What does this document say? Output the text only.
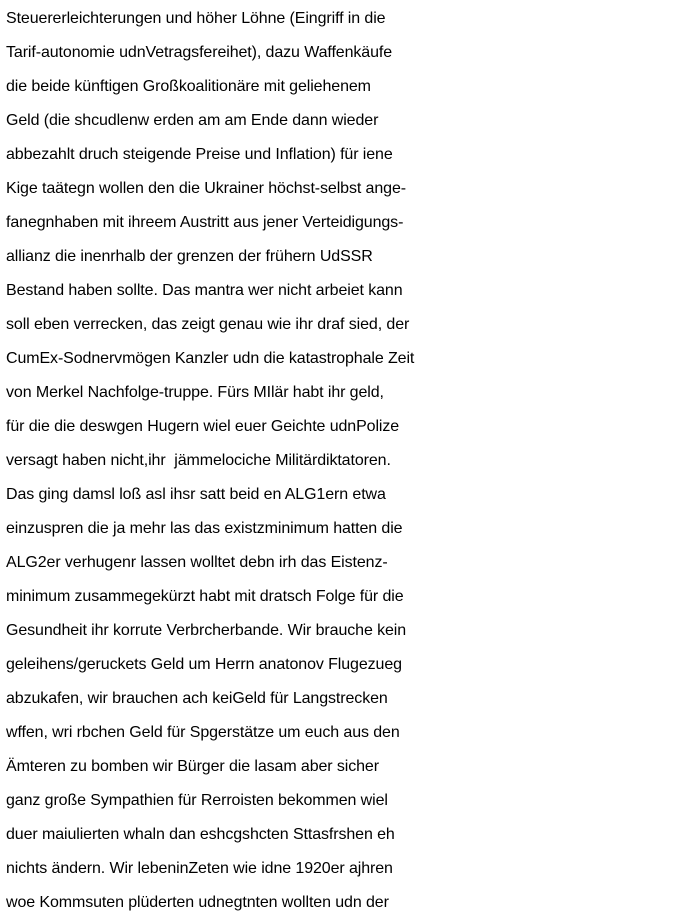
Steuererleichterungen und höher Löhne (Eingriff in die
Tarif-autonomie udnVetragsfereihet), dazu Waffenkäufe
die beide künftigen Großkoalitionäre mit geliehenem
Geld (die shcudlenw erden am am Ende dann wieder
abbezahlt druch steigende Preise und Inflation) für iene
Kige taätegn wollen den die Ukrainer höchst-selbst ange-
fanegnhaben mit ihreem Austritt aus jener Verteidigungs-
allianz die inenrhalb der grenzen der frühern UdSSR
Bestand haben sollte. Das mantra wer nicht arbeiet kann
soll eben verrecken, das zeigt genau wie ihr draf sied, der
CumEx-Sodnervmögen Kanzler udn die katastrophale Zeit
von Merkel Nachfolge-truppe. Fürs MIlär habt ihr geld,
für die die deswgen Hugern wiel euer Geichte udnPolize
versagt haben nicht,ihr  jämmelociche Militärdiktatoren.
Das ging damsl loß asl ihsr satt beid en ALG1ern etwa
einzuspren die ja mehr las das existzminimum hatten die
ALG2er verhugenr lassen wolltet debn irh das Eistenz-
minimum zusammegekürzt habt mit dratsch Folge für die
Gesundheit ihr korrute Verbrcherbande. Wir brauche kein
geleihens/geruckets Geld um Herrn anatonov Flugezueg
abzukafen, wir brauchen ach keiGeld für Langstrecken
wffen, wri rbchen Geld für Spgerstätze um euch aus den
Ämteren zu bomben wir Bürger die lasam aber sicher
ganz große Sympathien für Rerroisten bekommen wiel
duer maiulierten whaln dan eshcgshcten Sttasfrshen eh
nichts ändern. Wir lebeninZeten wie idne 1920er ajhren
woe Kommsuten plüderten udnegtnten wollten udn der
